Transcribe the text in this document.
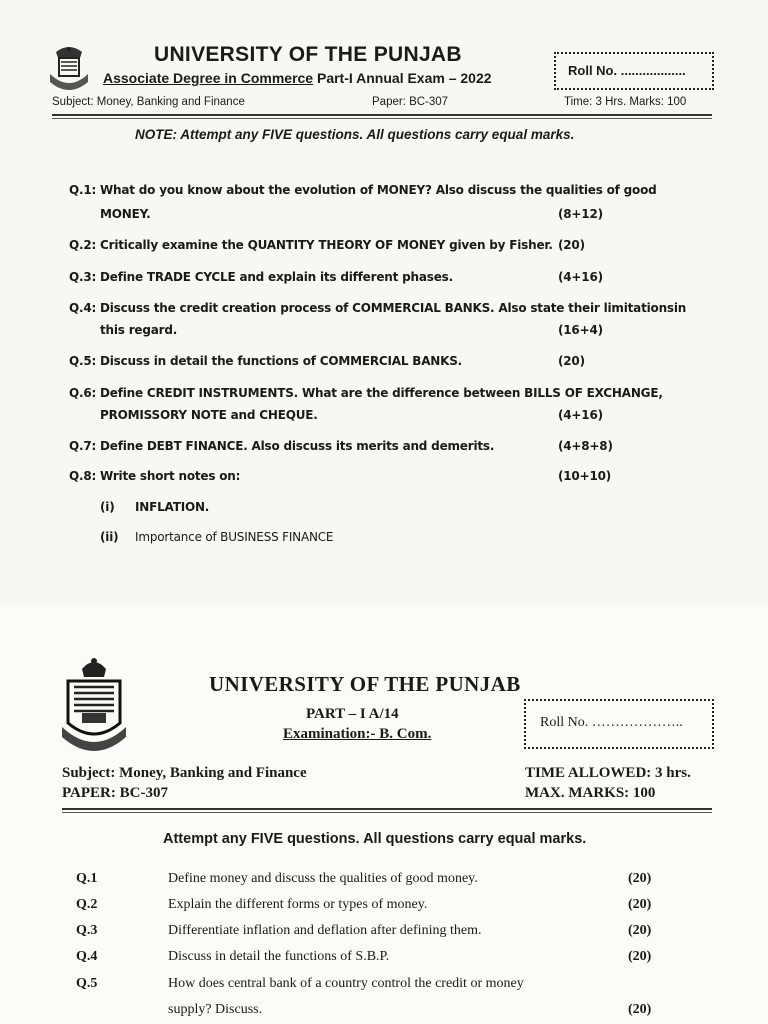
UNIVERSITY OF THE PUNJAB
Associate Degree in Commerce Part-I Annual Exam – 2022	Roll No. ..................
Subject: Money, Banking and Finance	Paper: BC-307	Time: 3 Hrs. Marks: 100
NOTE: Attempt any FIVE questions. All questions carry equal marks.
Q.1: What do you know about the evolution of MONEY? Also discuss the qualities of good
MONEY.	(8+12)
Q.2: Critically examine the QUANTITY THEORY OF MONEY given by Fisher. (20)
Q.3: Define TRADE CYCLE and explain its different phases.	(4+16)
Q.4: Discuss the credit creation process of COMMERCIAL BANKS. Also state their limitationsin
this regard.	(16+4)
Q.5: Discuss in detail the functions of COMMERCIAL BANKS.	(20)
Q.6: Define CREDIT INSTRUMENTS. What are the difference between BILLS OF EXCHANGE,
PROMISSORY NOTE and CHEQUE.	(4+16)
Q.7: Define DEBT FINANCE. Also discuss its merits and demerits.	(4+8+8)
Q.8: Write short notes on:	(10+10)
(i) INFLATION.
(ii) Importance of BUSINESS FINANCE
UNIVERSITY OF THE PUNJAB
PART – I A/14
Examination:- B. Com.
Roll No. ………………..
Subject: Money, Banking and Finance
PAPER: BC-307
TIME ALLOWED: 3 hrs.
MAX. MARKS: 100
Attempt any FIVE questions. All questions carry equal marks.
Q.1	Define money and discuss the qualities of good money.	(20)
Q.2	Explain the different forms or types of money.	(20)
Q.3	Differentiate inflation and deflation after defining them.	(20)
Q.4	Discuss in detail the functions of S.B.P.	(20)
Q.5	How does central bank of a country control the credit or money
supply? Discuss.	(20)
